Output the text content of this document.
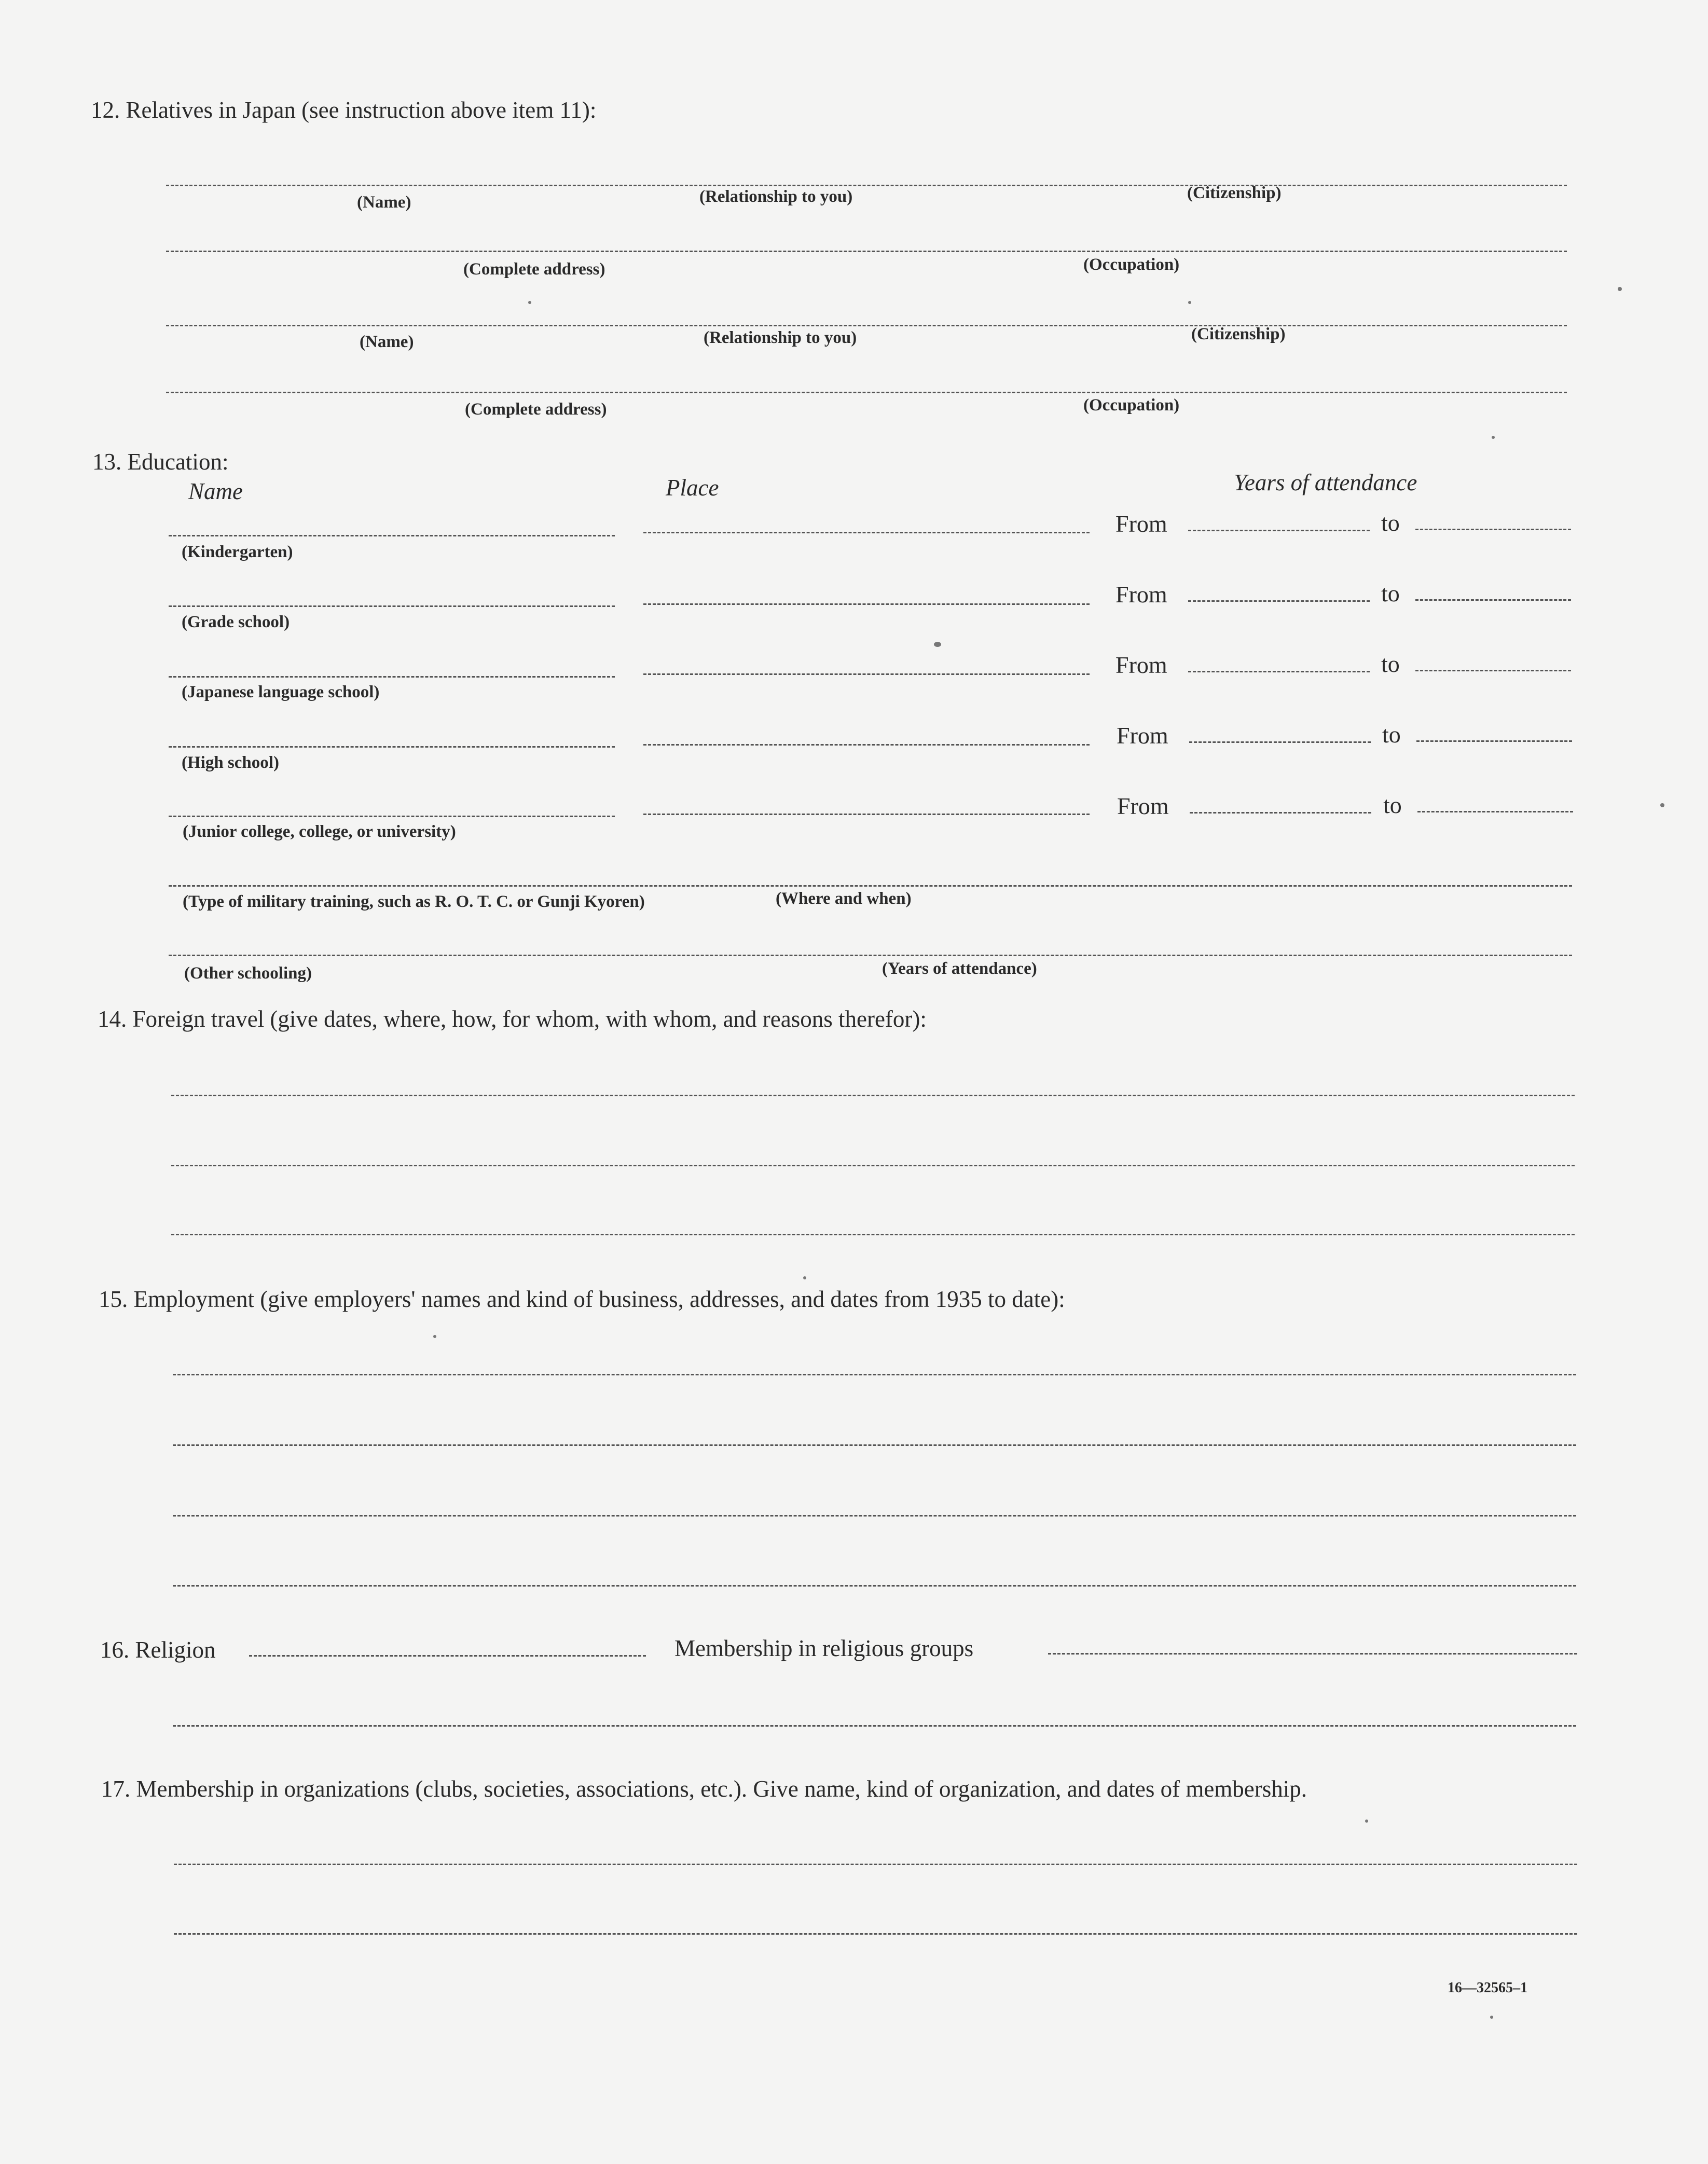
12. Relatives in Japan (see instruction above item 11):
(Name)	(Relationship to you)	(Citizenship)
(Complete address)	(Occupation)
(Name)	(Relationship to you)	(Citizenship)
(Complete address)	(Occupation)
13. Education:
Name	Place	Years of attendance
From	to
(Kindergarten)
From	to
(Grade school)
From	to
(Japanese language school)
From	to
(High school)
From	to
(Junior college, college, or university)
(Type of military training, such as R. O. T. C. or Gunji Kyoren)	(Where and when)
(Other schooling)	(Years of attendance)
14. Foreign travel (give dates, where, how, for whom, with whom, and reasons therefor):
15. Employment (give employers' names and kind of business, addresses, and dates from 1935 to date):
16. Religion	Membership in religious groups
17. Membership in organizations (clubs, societies, associations, etc.). Give name, kind of organization, and dates of membership.
16—32565–1
